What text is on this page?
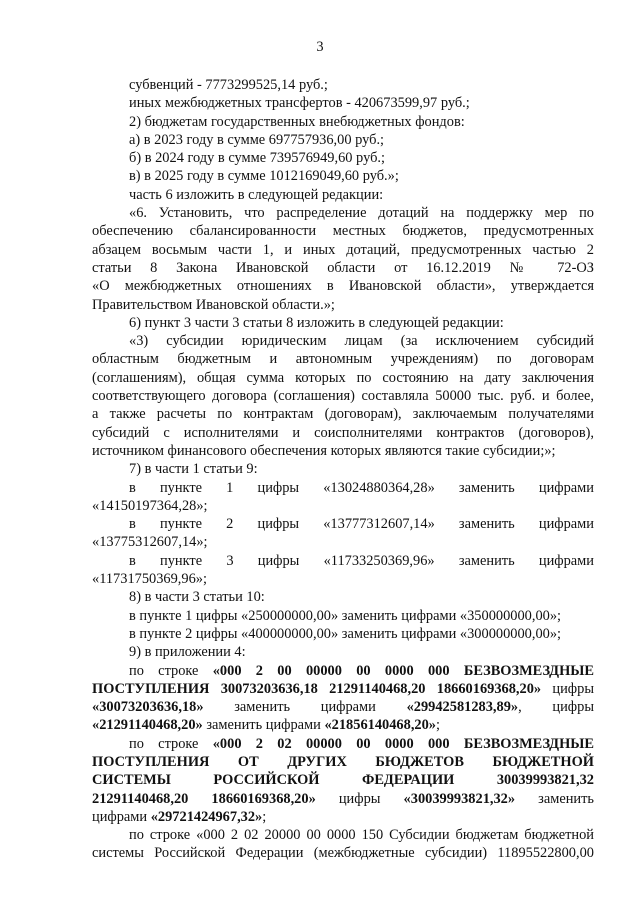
3
субвенций - 7773299525,14 руб.;
иных межбюджетных трансфертов - 420673599,97 руб.;
2) бюджетам государственных внебюджетных фондов:
а) в 2023 году в сумме 697757936,00 руб.;
б) в 2024 году в сумме 739576949,60 руб.;
в) в 2025 году в сумме 1012169049,60 руб.»;
часть 6 изложить в следующей редакции:
«6. Установить, что распределение дотаций на поддержку мер по
обеспечению сбалансированности местных бюджетов, предусмотренных
абзацем восьмым части 1, и иных дотаций, предусмотренных частью 2
статьи 8 Закона Ивановской области от 16.12.2019 № 72-ОЗ
«О межбюджетных отношениях в Ивановской области», утверждается
Правительством Ивановской области.»;
6) пункт 3 части 3 статьи 8 изложить в следующей редакции:
«3) субсидии юридическим лицам (за исключением субсидий
областным бюджетным и автономным учреждениям) по договорам
(соглашениям), общая сумма которых по состоянию на дату заключения
соответствующего договора (соглашения) составляла 50000 тыс. руб. и более,
а также расчеты по контрактам (договорам), заключаемым получателями
субсидий с исполнителями и соисполнителями контрактов (договоров),
источником финансового обеспечения которых являются такие субсидии;»;
7) в части 1 статьи 9:
в пункте 1 цифры «13024880364,28» заменить цифрами
«14150197364,28»;
в пункте 2 цифры «13777312607,14» заменить цифрами
«13775312607,14»;
в пункте 3 цифры «11733250369,96» заменить цифрами
«11731750369,96»;
8) в части 3 статьи 10:
в пункте 1 цифры «250000000,00» заменить цифрами «350000000,00»;
в пункте 2 цифры «400000000,00» заменить цифрами «300000000,00»;
9) в приложении 4:
по строке «000 2 00 00000 00 0000 000 БЕЗВОЗМЕЗДНЫЕ
ПОСТУПЛЕНИЯ 30073203636,18 21291140468,20 18660169368,20» цифры
«30073203636,18» заменить цифрами «29942581283,89», цифры
«21291140468,20» заменить цифрами «21856140468,20»;
по строке «000 2 02 00000 00 0000 000 БЕЗВОЗМЕЗДНЫЕ
ПОСТУПЛЕНИЯ ОТ ДРУГИХ БЮДЖЕТОВ БЮДЖЕТНОЙ
СИСТЕМЫ РОССИЙСКОЙ ФЕДЕРАЦИИ 30039993821,32
21291140468,20 18660169368,20» цифры «30039993821,32» заменить
цифрами «29721424967,32»;
по строке «000 2 02 20000 00 0000 150 Субсидии бюджетам бюджетной
системы Российской Федерации (межбюджетные субсидии) 11895522800,00
